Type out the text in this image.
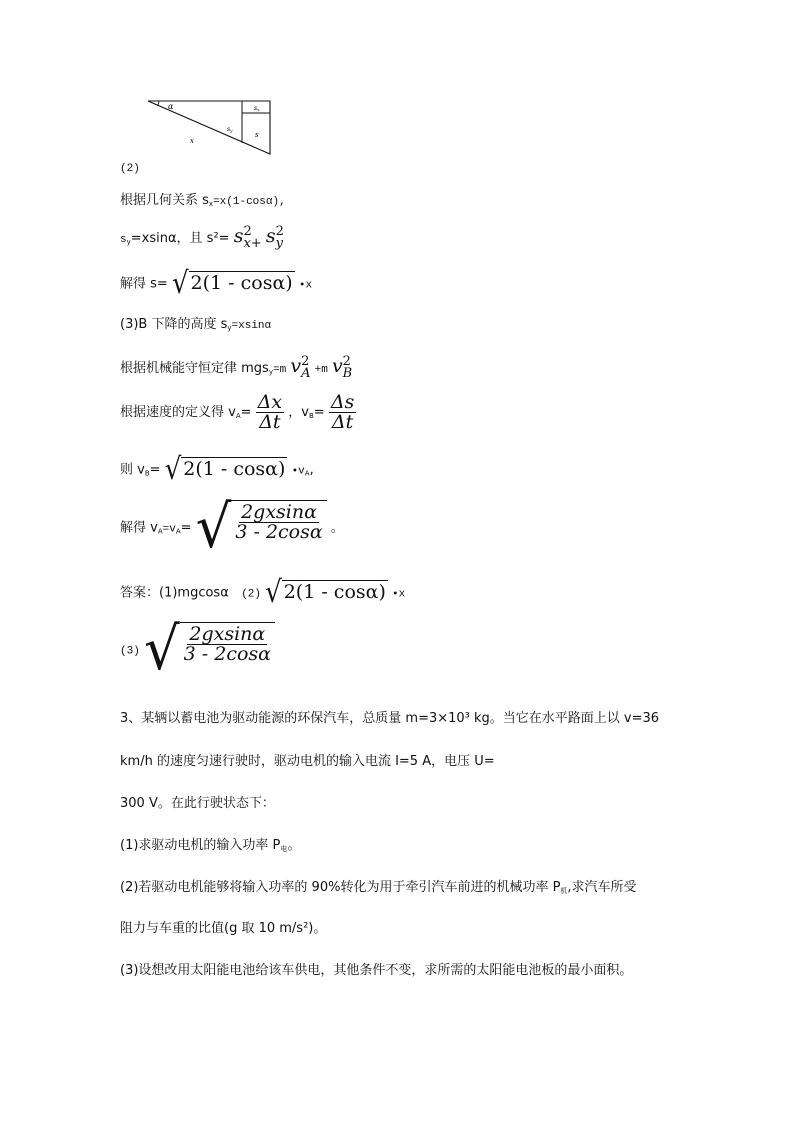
α	sx
sy
s
x
(2)
根据几何关系 $s_x=x(1-\cos\alpha)$,
$s_y=xsin\alpha$，且 s²= s 2
x+ s 2
y
解得 s= √ 2(1 - cosα) •x
(3)B 下降的高度 $s_y=xsin\alpha$
根据机械能守恒定律 mgs$_y$=m v 2
A +m v 2
B
根据速度的定义得 $v_A= \frac{\Delta x}{\Delta t}$ ，$v_B= \frac{\Delta s}{\Delta t}$
则 $v_B=$ √ 2(1 - cosα) $•v_A$,
解得 $v_A=v_A=$ √ $\frac{2gxsin\alpha}{3 - 2\cos\alpha}$ 。
答案：(1)mgcosα (2) √ 2(1 - cosα) •x
(3) √ $\frac{2gxsin\alpha}{3 - 2\cos\alpha}$
3、某辆以蓄电池为驱动能源的环保汽车，总质量 m=3×10³ kg。当它在水平路面上以 v=36
km/h 的速度匀速行驶时，驱动电机的输入电流 I=5 A，电压 U=
300 V。在此行驶状态下：
(1)求驱动电机的输入功率 $P_电$。
(2)若驱动电机能够将输入功率的 90%转化为用于牵引汽车前进的机械功率 $P_机$,求汽车所受
阻力与车重的比值(g 取 10 m/s²)。
(3)设想改用太阳能电池给该车供电，其他条件不变，求所需的太阳能电池板的最小面积。
